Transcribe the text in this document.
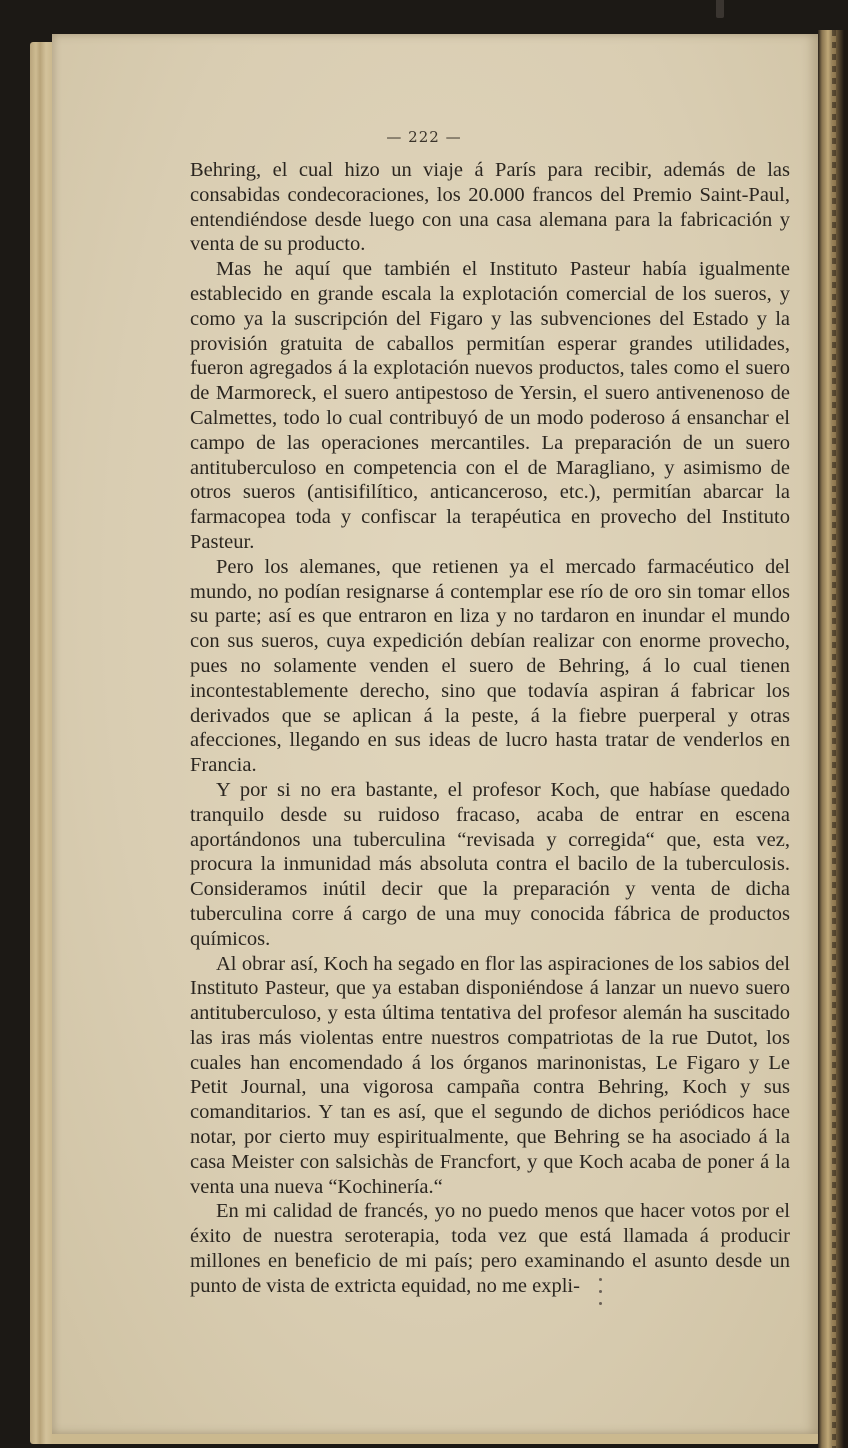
— 222 —

Behring, el cual hizo un viaje á París para recibir, además de las consabidas condecoraciones, los 20.000 francos del Premio Saint-Paul, entendiéndose desde luego con una casa alemana para la fabricación y venta de su producto.

Mas he aquí que también el Instituto Pasteur había igualmente establecido en grande escala la explotación comercial de los sueros, y como ya la suscripción del Figaro y las subvenciones del Estado y la provisión gratuita de caballos permitían esperar grandes utilidades, fueron agregados á la explotación nuevos productos, tales como el suero de Marmoreck, el suero antipestoso de Yersin, el suero antivenenoso de Calmettes, todo lo cual contribuyó de un modo poderoso á ensanchar el campo de las operaciones mercantiles. La preparación de un suero antituberculoso en competencia con el de Maragliano, y asimismo de otros sueros (antisifilítico, anticanceroso, etc.), permitían abarcar la farmacopea toda y confiscar la terapéutica en provecho del Instituto Pasteur.

Pero los alemanes, que retienen ya el mercado farmacéutico del mundo, no podían resignarse á contemplar ese río de oro sin tomar ellos su parte; así es que entraron en liza y no tardaron en inundar el mundo con sus sueros, cuya expedición debían realizar con enorme provecho, pues no solamente venden el suero de Behring, á lo cual tienen incontestablemente derecho, sino que todavía aspiran á fabricar los derivados que se aplican á la peste, á la fiebre puerperal y otras afecciones, llegando en sus ideas de lucro hasta tratar de venderlos en Francia.

Y por si no era bastante, el profesor Koch, que habíase quedado tranquilo desde su ruidoso fracaso, acaba de entrar en escena aportándonos una tuberculina “revisada y corregida“ que, esta vez, procura la inmunidad más absoluta contra el bacilo de la tuberculosis. Consideramos inútil decir que la preparación y venta de dicha tuberculina corre á cargo de una muy conocida fábrica de productos químicos.

Al obrar así, Koch ha segado en flor las aspiraciones de los sabios del Instituto Pasteur, que ya estaban disponiéndose á lanzar un nuevo suero antituberculoso, y esta última tentativa del profesor alemán ha suscitado las iras más violentas entre nuestros compatriotas de la rue Dutot, los cuales han encomendado á los órganos marinonistas, Le Figaro y Le Petit Journal, una vigorosa campaña contra Behring, Koch y sus comanditarios. Y tan es así, que el segundo de dichos periódicos hace notar, por cierto muy espiritualmente, que Behring se ha asociado á la casa Meister con salsichàs de Francfort, y que Koch acaba de poner á la venta una nueva “Kochinería.“

En mi calidad de francés, yo no puedo menos que hacer votos por el éxito de nuestra seroterapia, toda vez que está llamada á producir millones en beneficio de mi país; pero examinando el asunto desde un punto de vista de extricta equidad, no me expli-
